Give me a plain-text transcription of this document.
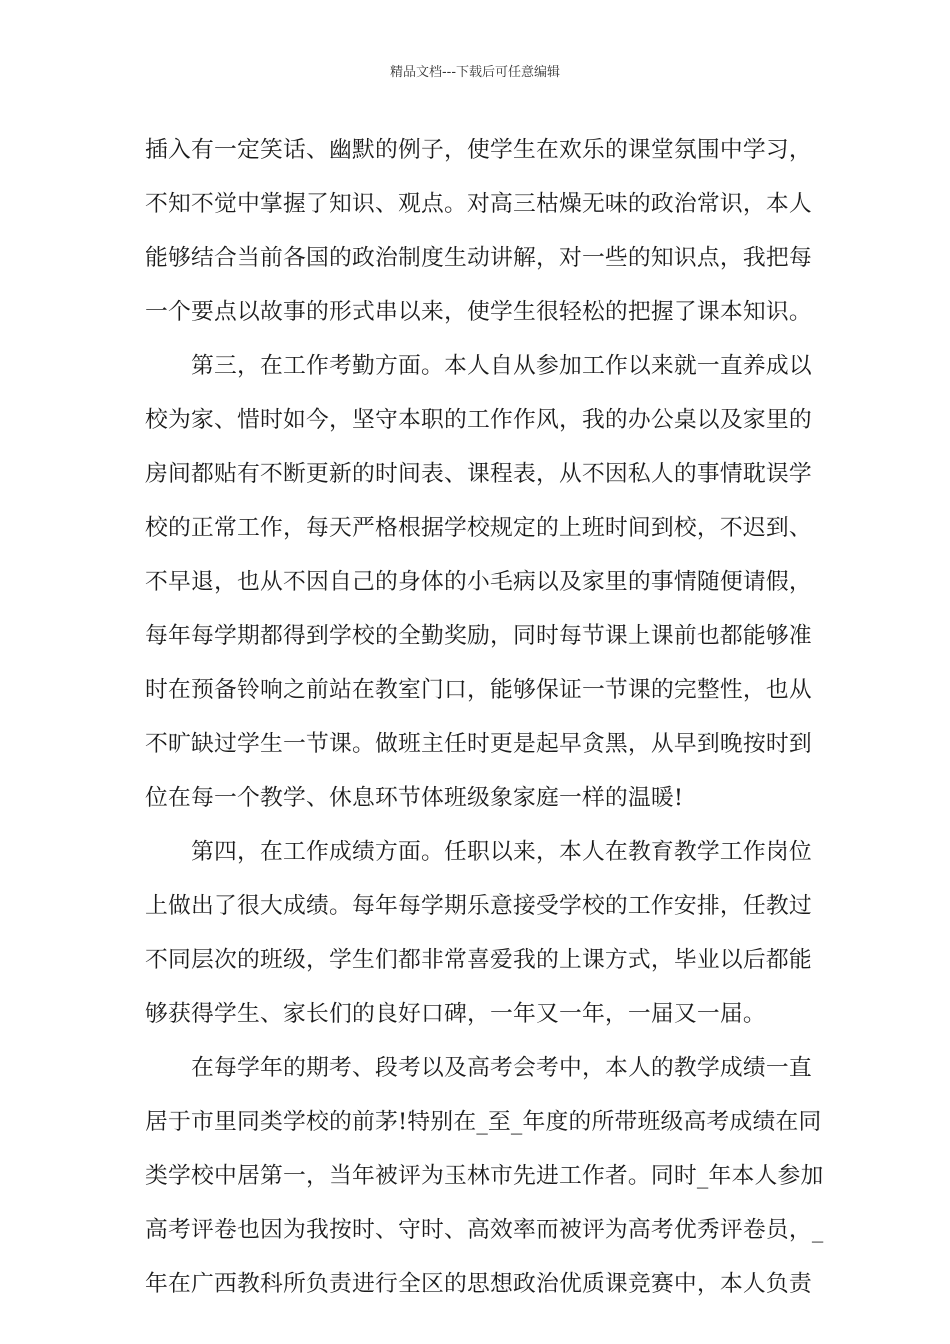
精品文档---下载后可任意编辑
插入有一定笑话、幽默的例子，使学生在欢乐的课堂氛围中学习，
不知不觉中掌握了知识、观点。对高三枯燥无味的政治常识，本人
能够结合当前各国的政治制度生动讲解，对一些的知识点，我把每
一个要点以故事的形式串以来，使学生很轻松的把握了课本知识。
第三，在工作考勤方面。本人自从参加工作以来就一直养成以
校为家、惜时如今，坚守本职的工作作风，我的办公桌以及家里的
房间都贴有不断更新的时间表、课程表，从不因私人的事情耽误学
校的正常工作，每天严格根据学校规定的上班时间到校，不迟到、
不早退，也从不因自己的身体的小毛病以及家里的事情随便请假，
每年每学期都得到学校的全勤奖励，同时每节课上课前也都能够准
时在预备铃响之前站在教室门口，能够保证一节课的完整性，也从
不旷缺过学生一节课。做班主任时更是起早贪黑，从早到晚按时到
位在每一个教学、休息环节体班级象家庭一样的温暖!
第四，在工作成绩方面。任职以来，本人在教育教学工作岗位
上做出了很大成绩。每年每学期乐意接受学校的工作安排，任教过
不同层次的班级，学生们都非常喜爱我的上课方式，毕业以后都能
够获得学生、家长们的良好口碑，一年又一年，一届又一届。
在每学年的期考、段考以及高考会考中，本人的教学成绩一直
居于市里同类学校的前茅!特别在_至_年度的所带班级高考成绩在同
类学校中居第一，当年被评为玉林市先进工作者。同时_年本人参加
高考评卷也因为我按时、守时、高效率而被评为高考优秀评卷员，_
年在广西教科所负责进行全区的思想政治优质课竞赛中，本人负责
